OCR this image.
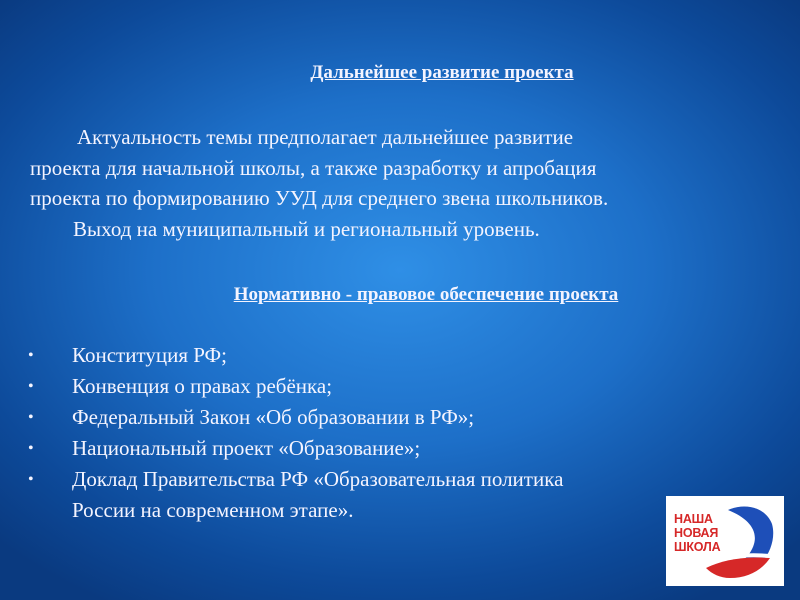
Дальнейшее развитие проекта

Актуальность темы предполагает дальнейшее развитие

проекта для начальной школы, а также разработку и апробация

проекта по формированию УУД для среднего звена школьников.

Выход на муниципальный и региональный уровень.

Нормативно - правовое обеспечение проекта
• Конституция РФ;
• Конвенция о правах ребёнка;
• Федеральный Закон «Об образовании в РФ»;
• Национальный проект «Образование»;
• Доклад Правительства РФ «Образовательная политика
России на современном этапе».	НАША
НОВАЯ
ШКОЛА
